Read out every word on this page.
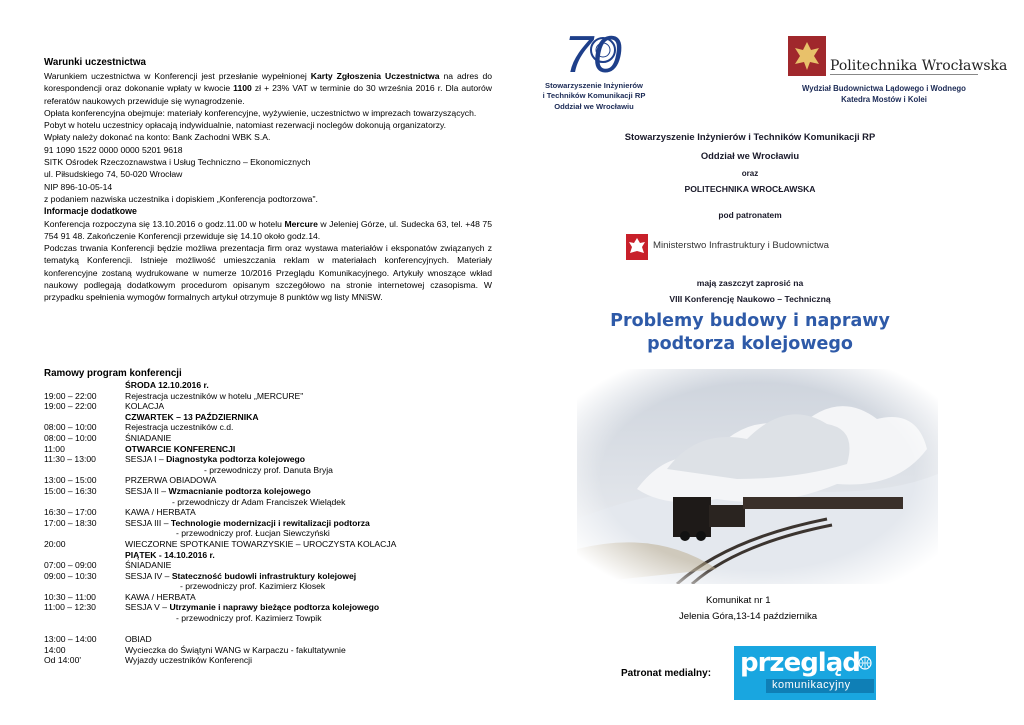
Warunki uczestnictwa

Warunkiem uczestnictwa w Konferencji jest przesłanie wypełnionej Karty Zgłoszenia Uczestnictwa na adres do korespondencji oraz dokonanie wpłaty w kwocie 1100 zł + 23% VAT w terminie do 30 września 2016 r. Dla autorów referatów naukowych przewiduje się wynagrodzenie.

Opłata konferencyjna obejmuje: materiały konferencyjne, wyżywienie, uczestnictwo w imprezach towarzyszących.

Pobyt w hotelu uczestnicy opłacają indywidualnie, natomiast rezerwacji noclegów dokonują organizatorzy.

Wpłaty należy dokonać na konto: Bank Zachodni WBK S.A.

91 1090 1522 0000 0000 5201 9618

SITK Ośrodek Rzeczoznawstwa i Usług Techniczno – Ekonomicznych

ul. Piłsudskiego 74, 50-020 Wrocław

NIP 896-10-05-14

z podaniem nazwiska uczestnika i dopiskiem „Konferencja podtorzowa".

Informacje dodatkowe

Konferencja rozpoczyna się 13.10.2016 o godz.11.00 w hotelu Mercure w Jeleniej Górze, ul. Sudecka 63, tel. +48 75 754 91 48. Zakończenie Konferencji przewiduje się 14.10 około godz.14.

Podczas trwania Konferencji będzie możliwa prezentacja firm oraz wystawa materiałów i eksponatów związanych z tematyką Konferencji. Istnieje możliwość umieszczania reklam w materiałach konferencyjnych. Materiały konferencyjne zostaną wydrukowane w numerze 10/2016 Przeglądu Komunikacyjnego. Artykuły wnoszące wkład naukowy podlegają dodatkowym procedurom opisanym szczegółowo na stronie internetowej czasopisma. W przypadku spełnienia wymogów formalnych artykuł otrzymuje 8 punktów wg listy MNiSW.

Ramowy program konferencji
ŚRODA 12.10.2016 r.
19:00 – 22:00	Rejestracja uczestników w hotelu „MERCURE"
19:00 – 22:00	KOLACJA
CZWARTEK – 13 PAŹDZIERNIKA
08:00 – 10:00	Rejestracja uczestników c.d.
08:00 – 10:00	ŚNIADANIE
11:00	OTWARCIE KONFERENCJI
11:30 – 13:00	SESJA I – Diagnostyka podtorza kolejowego
- przewodniczy prof. Danuta Bryja
13:00 – 15:00	PRZERWA OBIADOWA
15:00 – 16:30	SESJA II – Wzmacnianie podtorza kolejowego
- przewodniczy dr Adam Franciszek Wielądek
16:30 – 17:00	KAWA / HERBATA
17:00 – 18:30	SESJA III – Technologie modernizacji i rewitalizacji podtorza
- przewodniczy prof. Łucjan Siewczyński
20:00	WIECZORNE SPOTKANIE TOWARZYSKIE – UROCZYSTA KOLACJA
PIĄTEK - 14.10.2016 r.
07:00 – 09:00	ŚNIADANIE
09:00 – 10:30	SESJA IV – Stateczność budowli infrastruktury kolejowej
- przewodniczy prof. Kazimierz Kłosek
10:30 – 11:00	KAWA / HERBATA
11:00 – 12:30	SESJA V – Utrzymanie i naprawy bieżące podtorza kolejowego
- przewodniczy prof. Kazimierz Towpik
13:00 – 14:00	OBIAD
14:00	Wycieczka do Świątyni WANG w Karpaczu - fakultatywnie
Od 14:00'	Wyjazdy uczestników Konferencji
70
Stowarzyszenie Inżynierów
i Techników Komunikacji RP
Oddział we Wrocławiu
Politechnika Wrocławska
Wydział Budownictwa Lądowego i Wodnego
Katedra Mostów i Kolei
Stowarzyszenie Inżynierów i Techników Komunikacji RP
Oddział we Wrocławiu
oraz
POLITECHNIKA WROCŁAWSKA
pod patronatem
Ministerstwo Infrastruktury i Budownictwa
mają zaszczyt zaprosić na
VIII Konferencję Naukowo – Techniczną
Problemy budowy i naprawy
podtorza kolejowego
Komunikat nr 1
Jelenia Góra,13-14 października
Patronat medialny: przegląd
komunikacyjny
